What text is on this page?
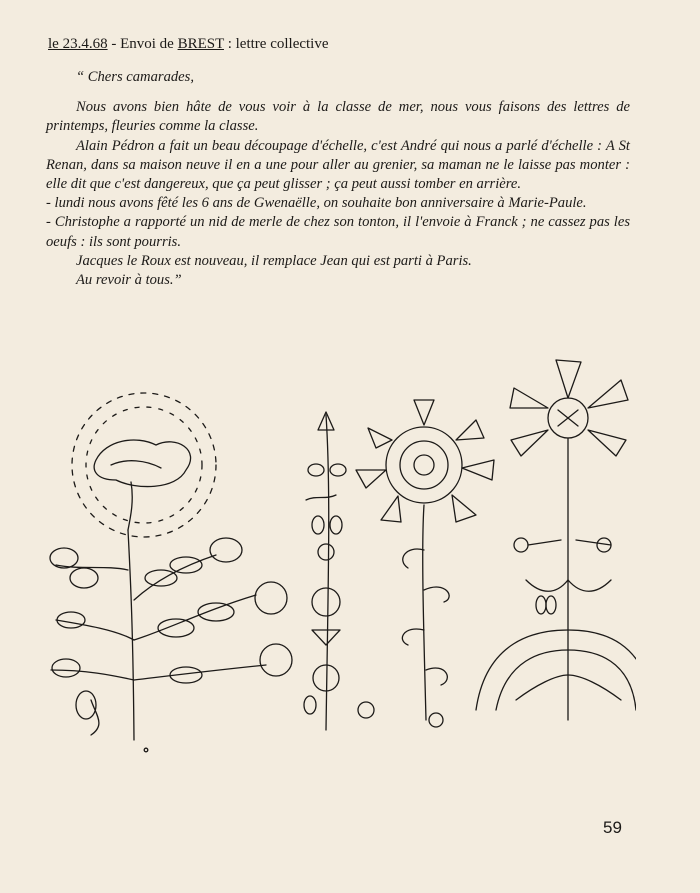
le 23.4.68 - Envoi de BREST : lettre collective

“ Chers camarades,

Nous avons bien hâte de vous voir à la classe de mer, nous vous faisons des lettres de printemps, fleuries comme la classe.

Alain Pédron a fait un beau découpage d'échelle, c'est André qui nous a parlé d'échelle : A St Renan, dans sa maison neuve il en a une pour aller au grenier, sa maman ne le laisse pas monter : elle dit que c'est dangereux, que ça peut glisser ; ça peut aussi tomber en arrière.

- lundi nous avons fêté les 6 ans de Gwenaëlle, on souhaite bon anniversaire à Marie-Paule.

- Christophe a rapporté un nid de merle de chez son tonton, il l'envoie à Franck ; ne cassez pas les oeufs : ils sont pourris.

Jacques le Roux est nouveau, il remplace Jean qui est parti à Paris.

Au revoir à tous.”

59
